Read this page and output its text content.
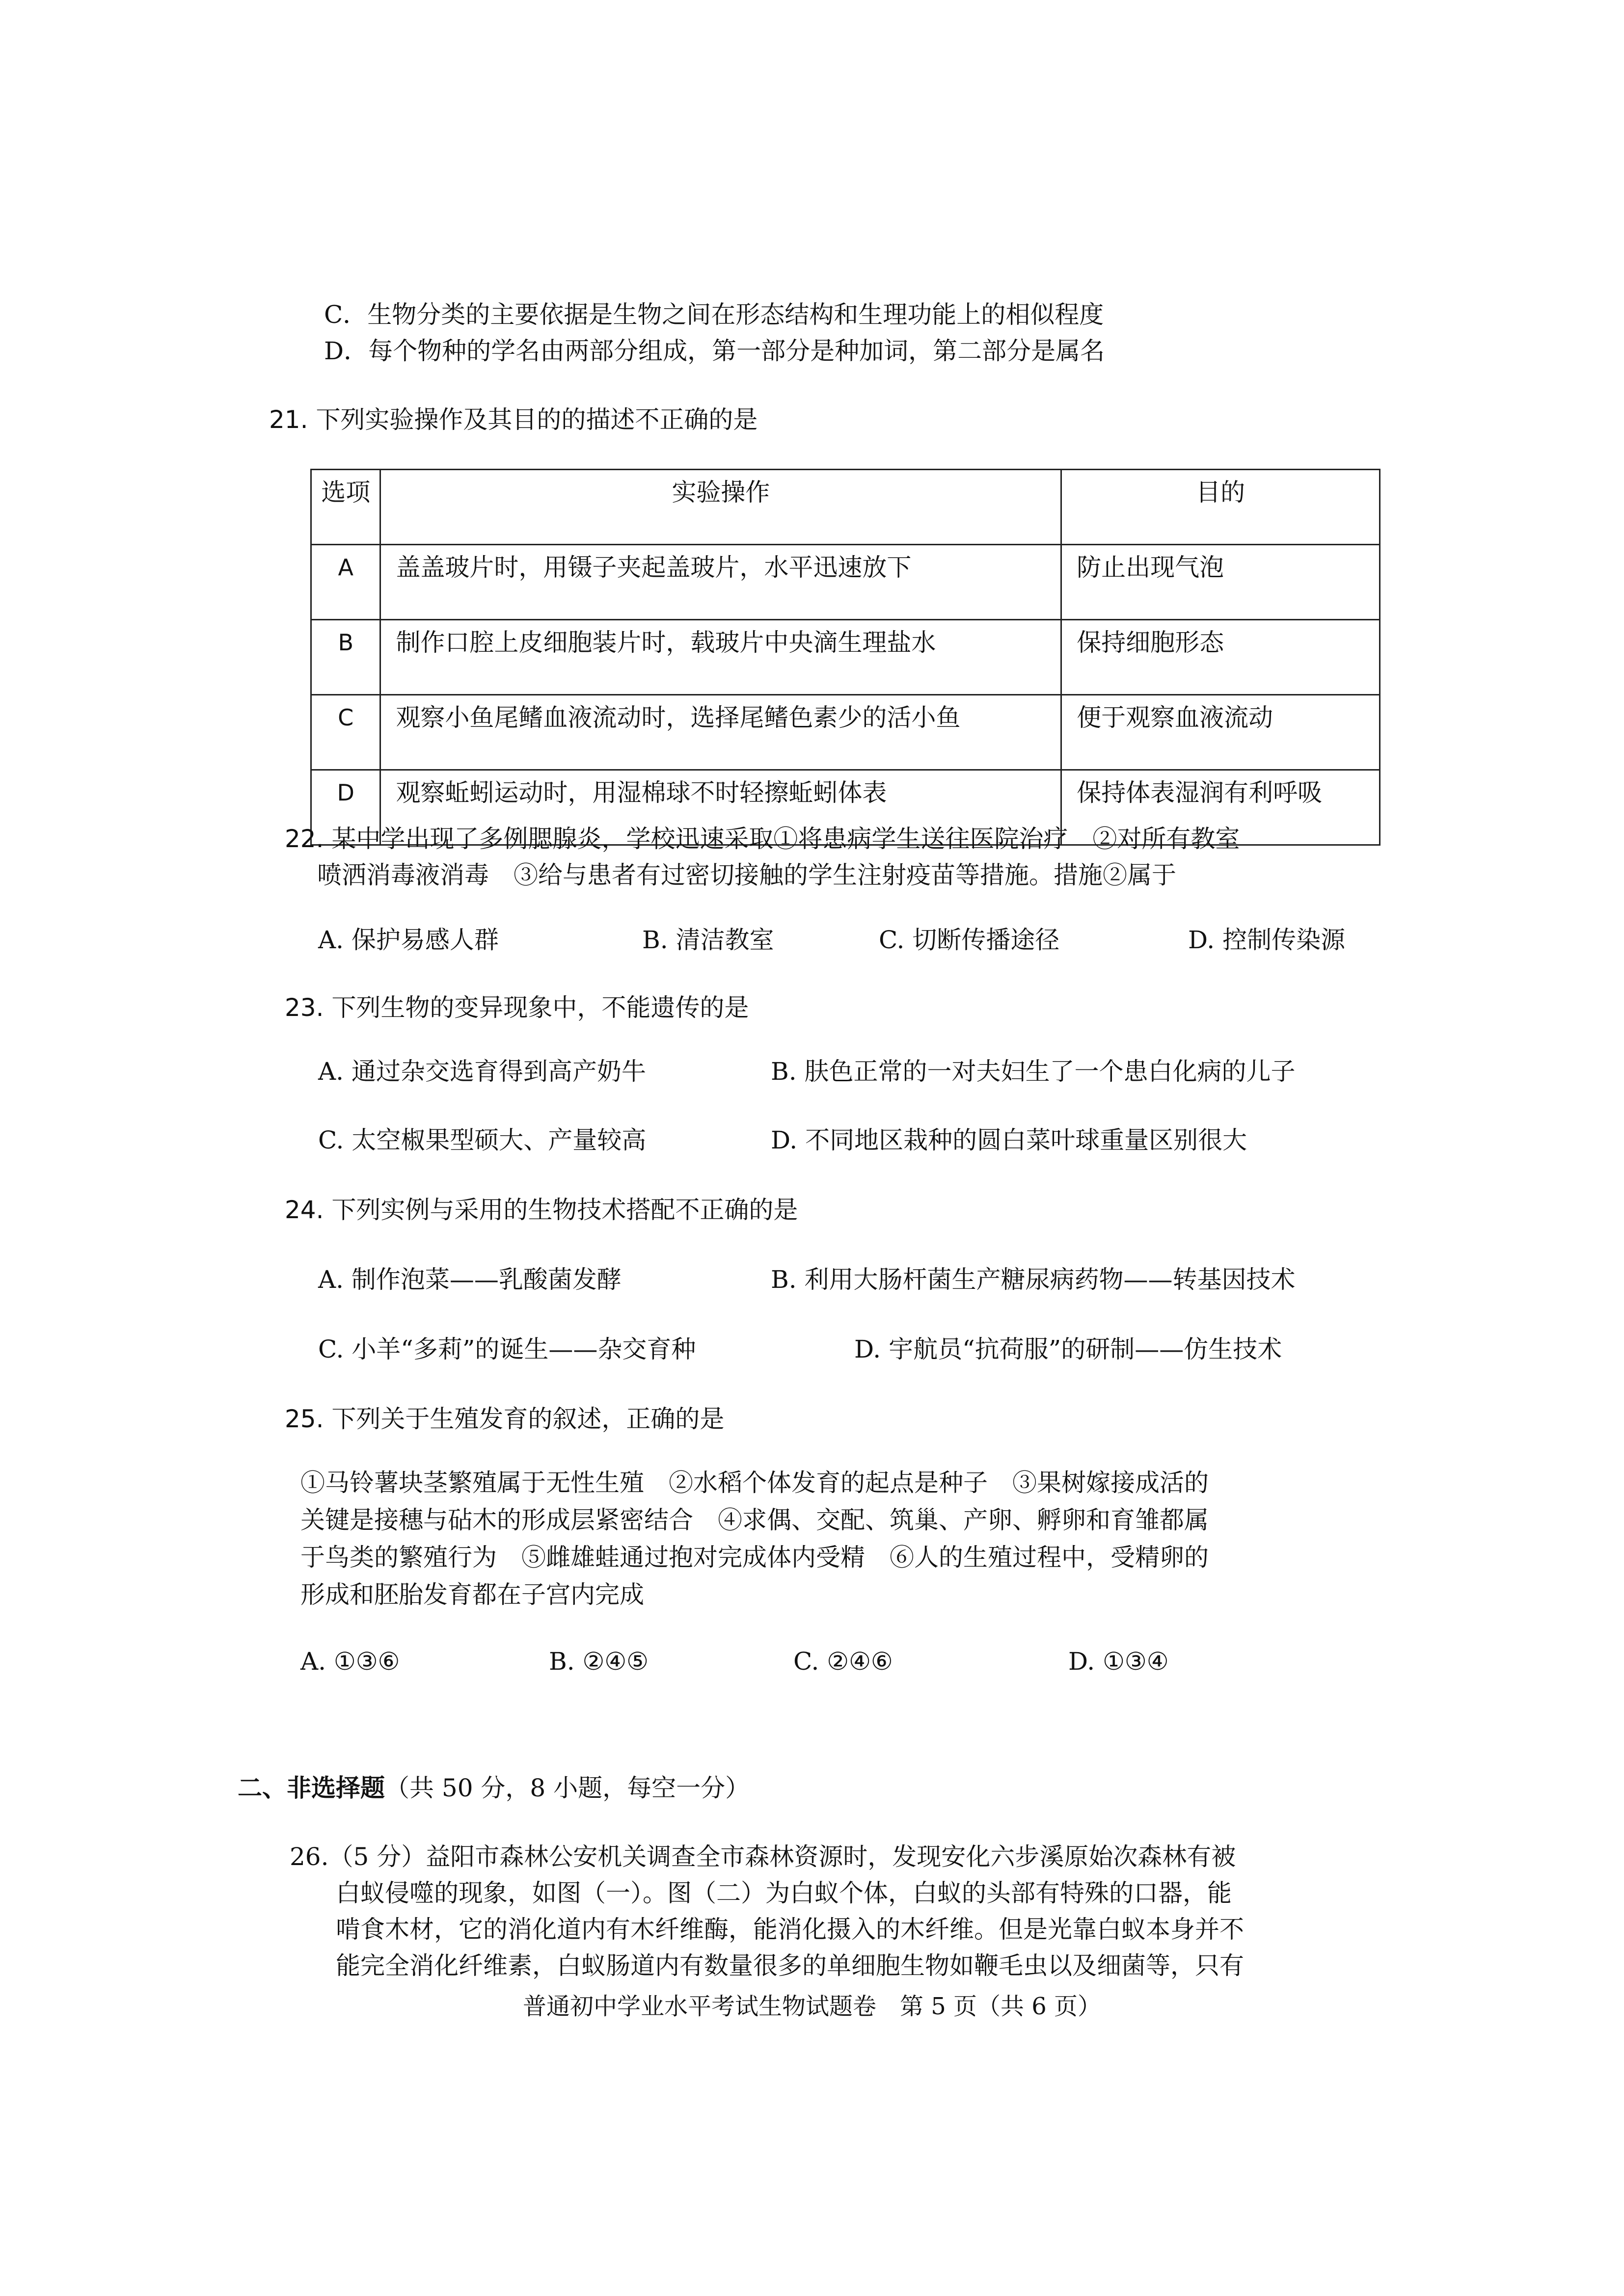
C．生物分类的主要依据是生物之间在形态结构和生理功能上的相似程度
D．每个物种的学名由两部分组成，第一部分是种加词，第二部分是属名
21. 下列实验操作及其目的的描述不正确的是
选项	实验操作	目的
A	盖盖玻片时，用镊子夹起盖玻片，水平迅速放下	防止出现气泡
B	制作口腔上皮细胞装片时，载玻片中央滴生理盐水	保持细胞形态
C	观察小鱼尾鳍血液流动时，选择尾鳍色素少的活小鱼	便于观察血液流动
D	观察蚯蚓运动时，用湿棉球不时轻擦蚯蚓体表	保持体表湿润有利呼吸
22. 某中学出现了多例腮腺炎，学校迅速采取①将患病学生送往医院治疗　②对所有教室
喷洒消毒液消毒　③给与患者有过密切接触的学生注射疫苗等措施。措施②属于
A. 保护易感人群	B. 清洁教室	C. 切断传播途径	D. 控制传染源
23. 下列生物的变异现象中，不能遗传的是
A. 通过杂交选育得到高产奶牛	B. 肤色正常的一对夫妇生了一个患白化病的儿子
C. 太空椒果型硕大、产量较高	D. 不同地区栽种的圆白菜叶球重量区别很大
24. 下列实例与采用的生物技术搭配不正确的是
A. 制作泡菜——乳酸菌发酵	B. 利用大肠杆菌生产糖尿病药物——转基因技术
C. 小羊“多莉”的诞生——杂交育种	D. 宇航员“抗荷服”的研制——仿生技术
25. 下列关于生殖发育的叙述，正确的是
①马铃薯块茎繁殖属于无性生殖　②水稻个体发育的起点是种子　③果树嫁接成活的
关键是接穗与砧木的形成层紧密结合　④求偶、交配、筑巢、产卵、孵卵和育雏都属
于鸟类的繁殖行为　⑤雌雄蛙通过抱对完成体内受精　⑥人的生殖过程中，受精卵的
形成和胚胎发育都在子宫内完成
A. ①③⑥	B. ②④⑤	C. ②④⑥	D. ①③④
二、非选择题（共 50 分，8 小题，每空一分）
26.（5 分）益阳市森林公安机关调查全市森林资源时，发现安化六步溪原始次森林有被
白蚁侵噬的现象，如图（一）。图（二）为白蚁个体，白蚁的头部有特殊的口器，能
啃食木材，它的消化道内有木纤维酶，能消化摄入的木纤维。但是光靠白蚁本身并不
能完全消化纤维素，白蚁肠道内有数量很多的单细胞生物如鞭毛虫以及细菌等，只有
普通初中学业水平考试生物试题卷　第 5 页（共 6 页）
